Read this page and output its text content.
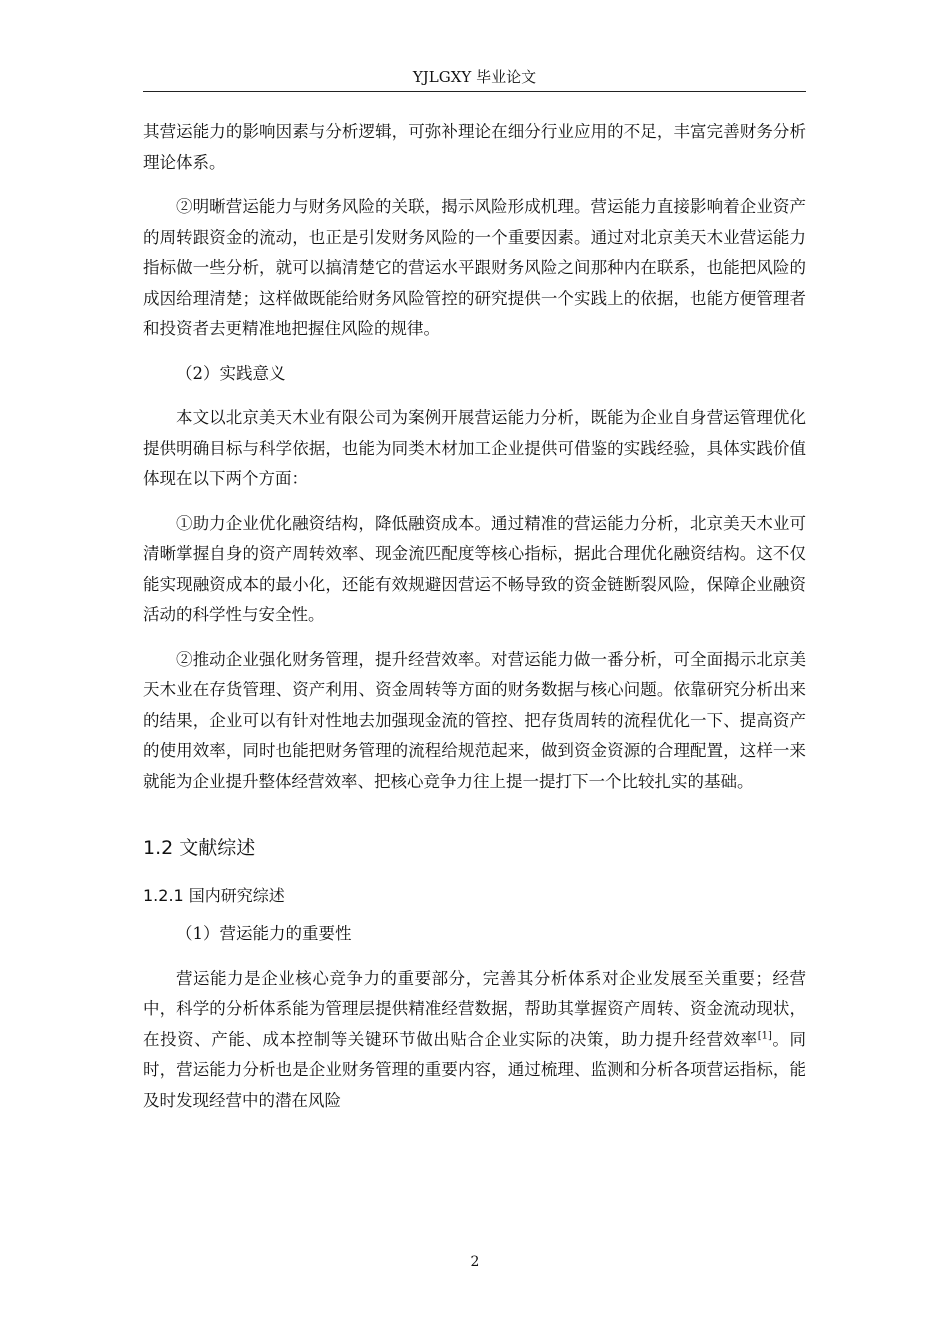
YJLGXY 毕业论文

其营运能力的影响因素与分析逻辑，可弥补理论在细分行业应用的不足，丰富完善财务分析理论体系。

②明晰营运能力与财务风险的关联，揭示风险形成机理。营运能力直接影响着企业资产的周转跟资金的流动，也正是引发财务风险的一个重要因素。通过对北京美天木业营运能力指标做一些分析，就可以搞清楚它的营运水平跟财务风险之间那种内在联系，也能把风险的成因给理清楚；这样做既能给财务风险管控的研究提供一个实践上的依据，也能方便管理者和投资者去更精准地把握住风险的规律。

（2）实践意义

本文以北京美天木业有限公司为案例开展营运能力分析，既能为企业自身营运管理优化提供明确目标与科学依据，也能为同类木材加工企业提供可借鉴的实践经验，具体实践价值体现在以下两个方面：

①助力企业优化融资结构，降低融资成本。通过精准的营运能力分析，北京美天木业可清晰掌握自身的资产周转效率、现金流匹配度等核心指标，据此合理优化融资结构。这不仅能实现融资成本的最小化，还能有效规避因营运不畅导致的资金链断裂风险，保障企业融资活动的科学性与安全性。

②推动企业强化财务管理，提升经营效率。对营运能力做一番分析，可全面揭示北京美天木业在存货管理、资产利用、资金周转等方面的财务数据与核心问题。依靠研究分析出来的结果，企业可以有针对性地去加强现金流的管控、把存货周转的流程优化一下、提高资产的使用效率，同时也能把财务管理的流程给规范起来，做到资金资源的合理配置，这样一来就能为企业提升整体经营效率、把核心竞争力往上提一提打下一个比较扎实的基础。

1.2 文献综述
1.2.1 国内研究综述

（1）营运能力的重要性

营运能力是企业核心竞争力的重要部分，完善其分析体系对企业发展至关重要；经营中，科学的分析体系能为管理层提供精准经营数据，帮助其掌握资产周转、资金流动现状，在投资、产能、成本控制等关键环节做出贴合企业实际的决策，助力提升经营效率[1]。同时，营运能力分析也是企业财务管理的重要内容，通过梳理、监测和分析各项营运指标，能及时发现经营中的潜在风险

2
